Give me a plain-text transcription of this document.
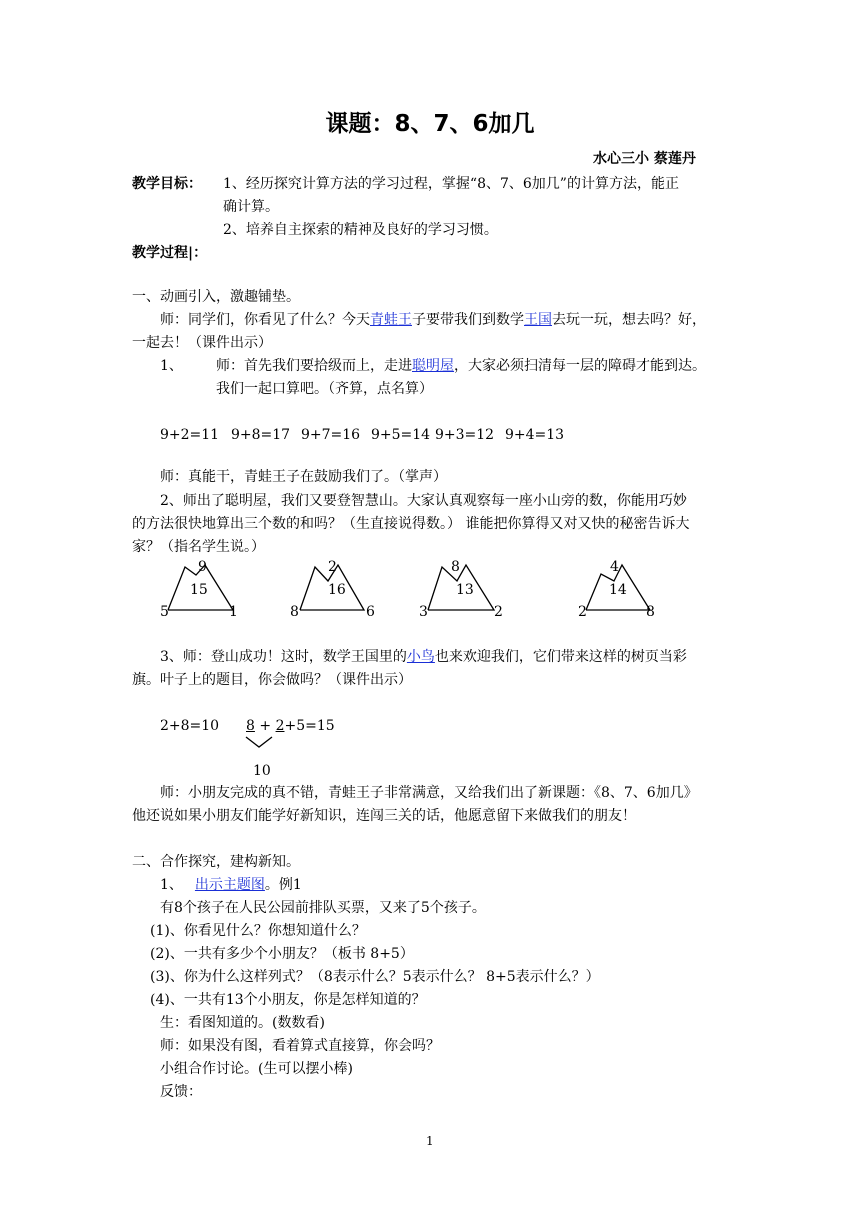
课题：8、7、6加几
水心三小 蔡莲丹
教学目标： 1、经历探究计算方法的学习过程，掌握“8、7、6加几”的计算方法，能正
确计算。
2、培养自主探索的精神及良好的学习习惯。
教学过程|：
一、动画引入，激趣铺垫。
师：同学们，你看见了什么？今天青蛙王子要带我们到数学王国去玩一玩，想去吗？好，
一起去！（课件出示）
1、 师：首先我们要拾级而上，走进聪明屋，大家必须扫清每一层的障碍才能到达。
我们一起口算吧。（齐算，点名算）
9+2=11 9+8=17 9+7=16 9+5=14 9+3=12 9+4=13
师：真能干，青蛙王子在鼓励我们了。（掌声）
2、师出了聪明屋，我们又要登智慧山。大家认真观察每一座小山旁的数，你能用巧妙
的方法很快地算出三个数的和吗？（生直接说得数。） 谁能把你算得又对又快的秘密告诉大
家？（指名学生说。）
9
15
5	1
2
16
8	6
8
13
3	2
4
14
2	8
3、师：登山成功！这时，数学王国里的小鸟也来欢迎我们，它们带来这样的树页当彩
旗。叶子上的题目，你会做吗？（课件出示）
2+8=10 8 + 2+5=15
10
师：小朋友完成的真不错，青蛙王子非常满意，又给我们出了新课题：《8、7、6加几》
他还说如果小朋友们能学好新知识，连闯三关的话，他愿意留下来做我们的朋友！
二、合作探究，建构新知。
1、 出示主题图。例1
有8个孩子在人民公园前排队买票，又来了5个孩子。
(1)、你看见什么？你想知道什么？
(2)、一共有多少个小朋友？（板书 8+5）
(3)、你为什么这样列式？（8表示什么？5表示什么？ 8+5表示什么？）
(4)、一共有13个小朋友，你是怎样知道的？
生：看图知道的。(数数看)
师：如果没有图，看着算式直接算，你会吗？
小组合作讨论。(生可以摆小棒)
反馈：
1
